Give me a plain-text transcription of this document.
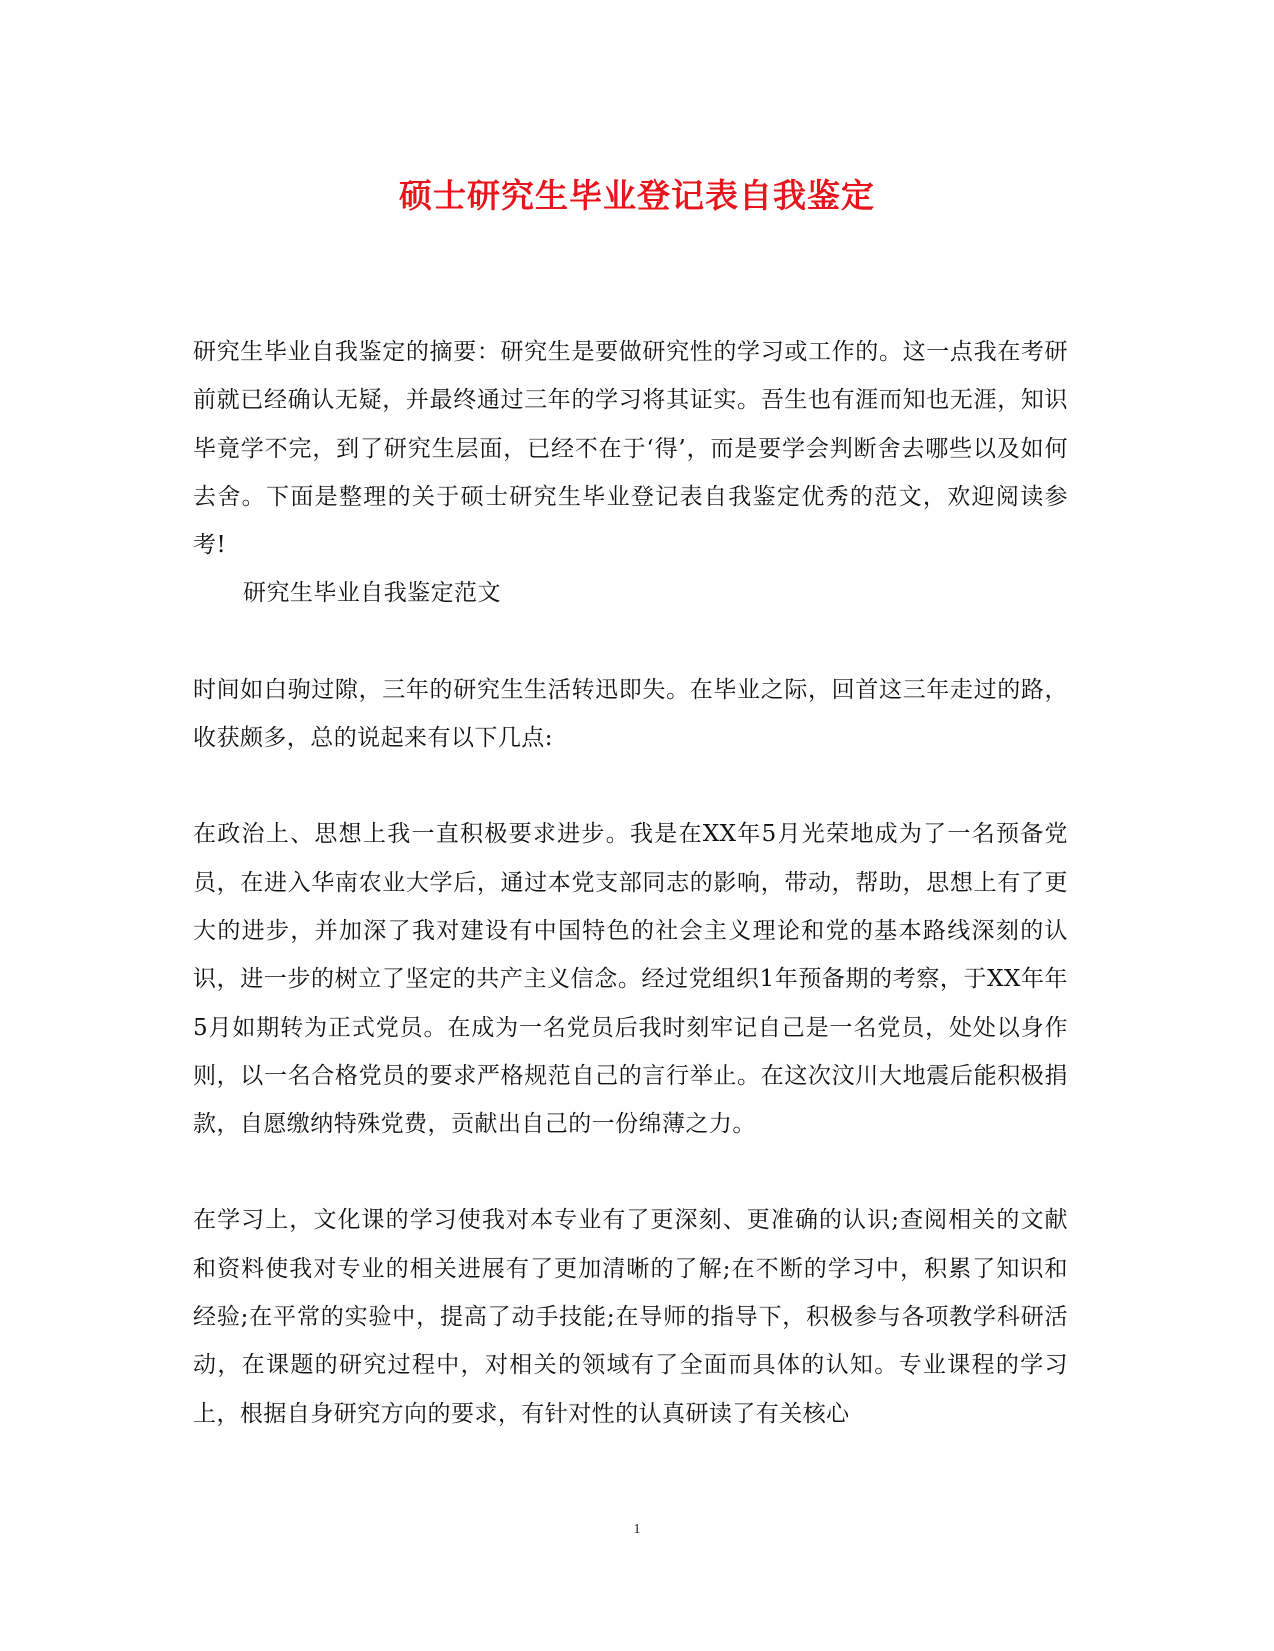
硕士研究生毕业登记表自我鉴定

研究生毕业自我鉴定的摘要：研究生是要做研究性的学习或工作的。这一点我在考研前就已经确认无疑，并最终通过三年的学习将其证实。吾生也有涯而知也无涯，知识毕竟学不完，到了研究生层面，已经不在于‘得’，而是要学会判断舍去哪些以及如何去舍。下面是整理的关于硕士研究生毕业登记表自我鉴定优秀的范文，欢迎阅读参考!

研究生毕业自我鉴定范文

时间如白驹过隙，三年的研究生生活转迅即失。在毕业之际，回首这三年走过的路，收获颇多，总的说起来有以下几点:

在政治上、思想上我一直积极要求进步。我是在XX年5月光荣地成为了一名预备党员，在进入华南农业大学后，通过本党支部同志的影响，带动，帮助，思想上有了更大的进步，并加深了我对建设有中国特色的社会主义理论和党的基本路线深刻的认识，进一步的树立了坚定的共产主义信念。经过党组织1年预备期的考察，于XX年年5月如期转为正式党员。在成为一名党员后我时刻牢记自己是一名党员，处处以身作则，以一名合格党员的要求严格规范自己的言行举止。在这次汶川大地震后能积极捐款，自愿缴纳特殊党费，贡献出自己的一份绵薄之力。

在学习上，文化课的学习使我对本专业有了更深刻、更准确的认识;查阅相关的文献和资料使我对专业的相关进展有了更加清晰的了解;在不断的学习中，积累了知识和经验;在平常的实验中，提高了动手技能;在导师的指导下，积极参与各项教学科研活动，在课题的研究过程中，对相关的领域有了全面而具体的认知。专业课程的学习上，根据自身研究方向的要求，有针对性的认真研读了有关核心

1
